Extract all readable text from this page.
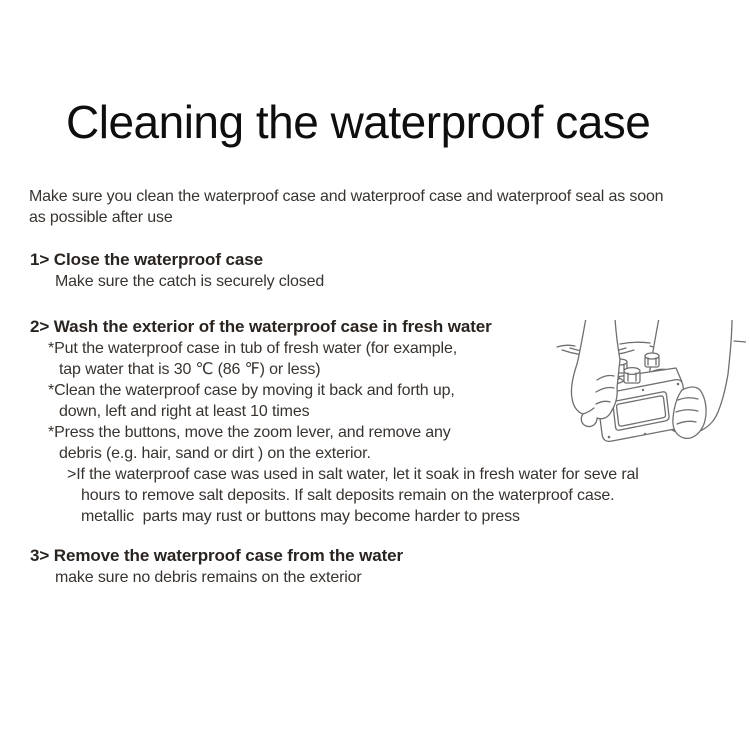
Cleaning the waterproof case

Make sure you clean the waterproof case and waterproof case and waterproof seal as soon
as possible after use

1> Close the waterproof case
Make sure the catch is securely closed
2> Wash the exterior of the waterproof case in fresh water
*Put the waterproof case in tub of fresh water (for example,
tap water that is 30 ℃ (86 ℉) or less)
*Clean the waterproof case by moving it back and forth up,
down, left and right at least 10 times
*Press the buttons, move the zoom lever, and remove any
debris (e.g. hair, sand or dirt ) on the exterior.
>If the waterproof case was used in salt water, let it soak in fresh water for seve ral
hours to remove salt deposits. If salt deposits remain on the waterproof case.
metallic  parts may rust or buttons may become harder to press
3> Remove the waterproof case from the water
make sure no debris remains on the exterior
